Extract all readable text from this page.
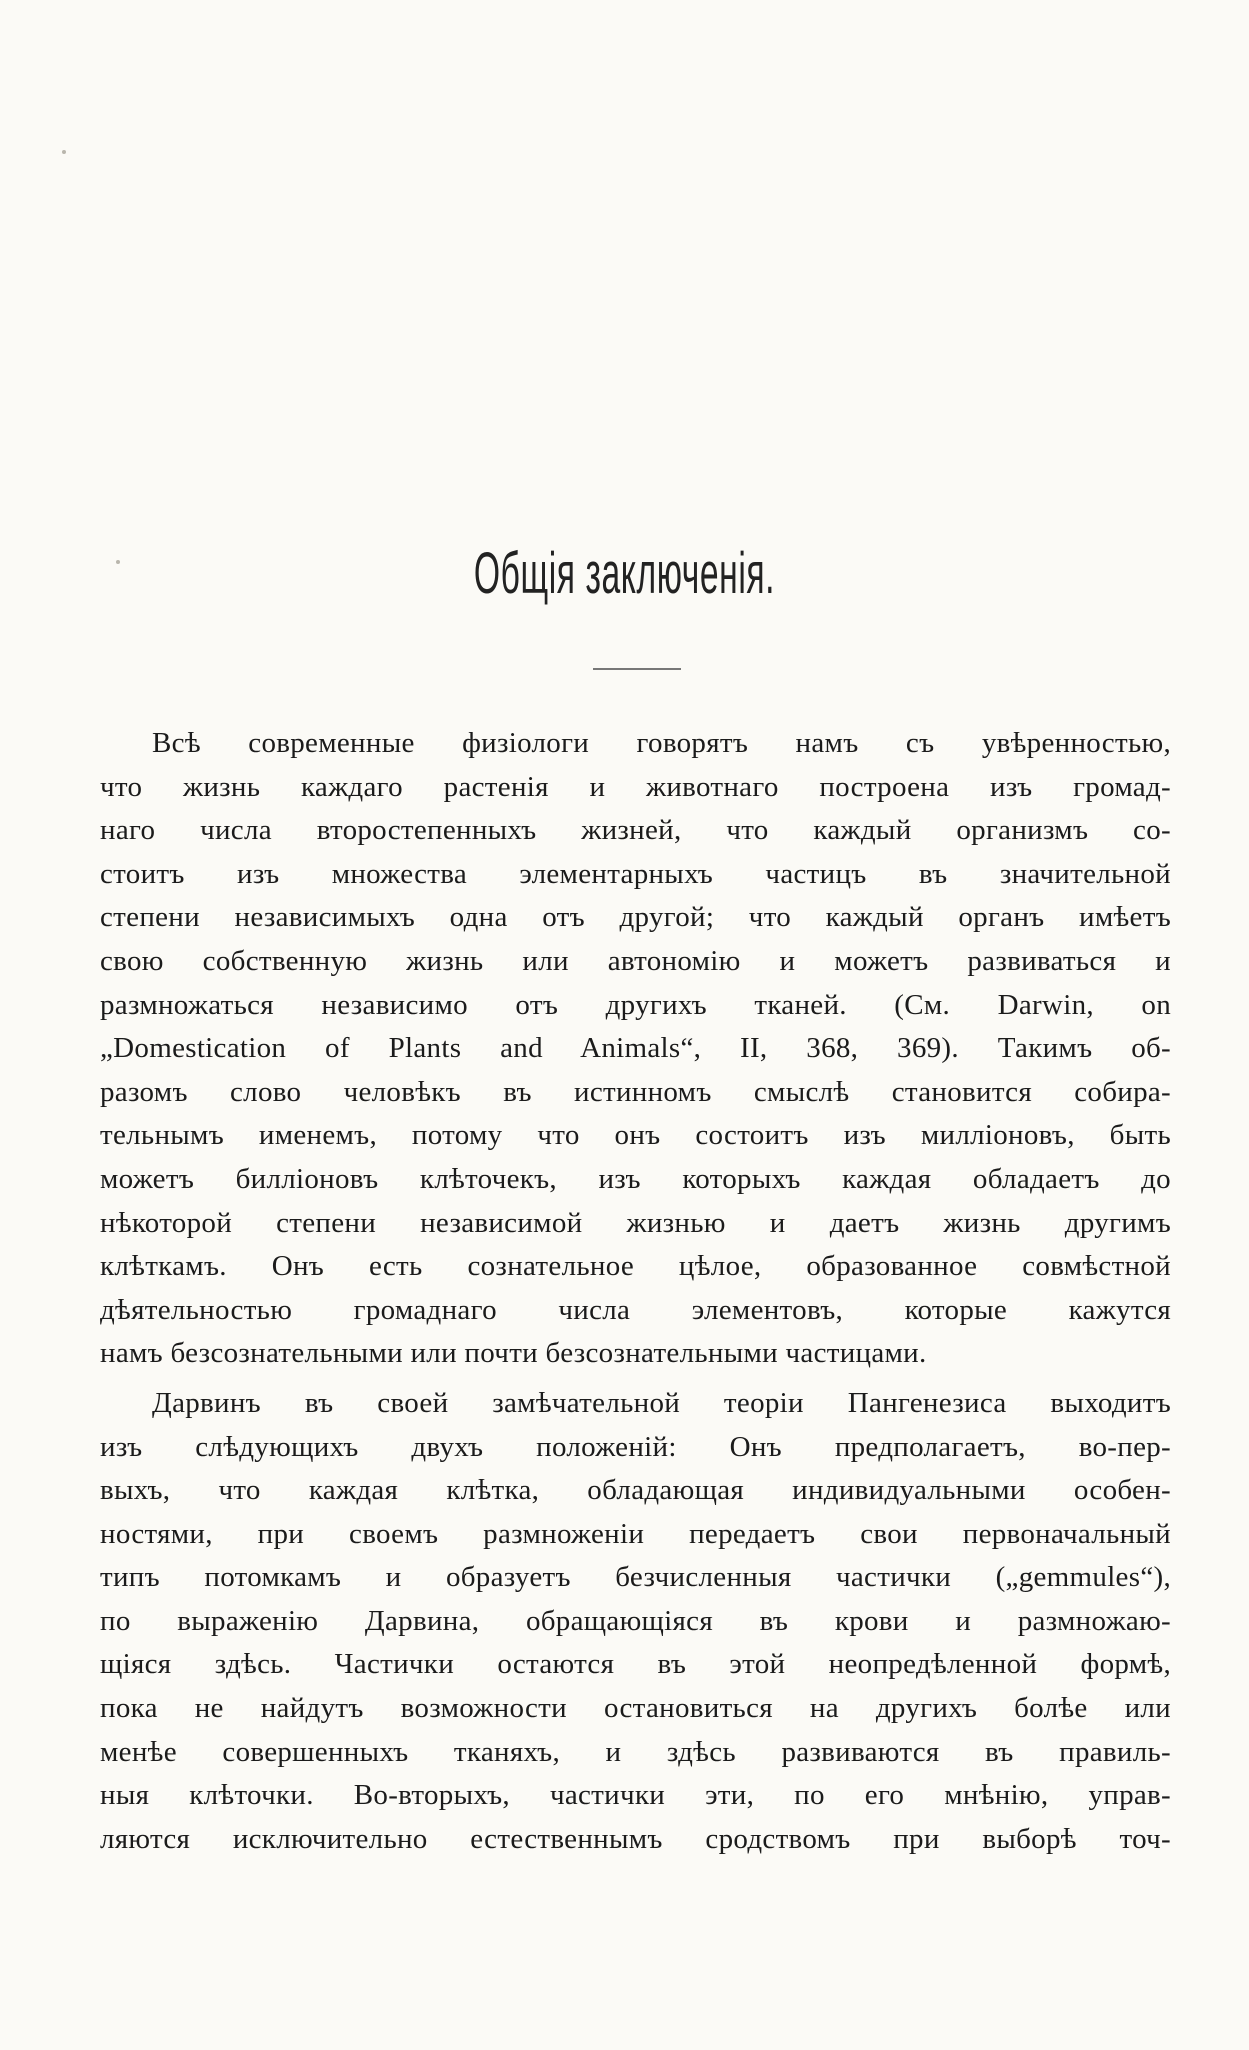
Общія заключенія.
Всѣ современные физiологи говорятъ намъ съ увѣренностью,
что жизнь каждаго растенія и животнаго построена изъ громад-
наго числа второстепенныхъ жизней, что каждый организмъ со-
стоитъ изъ множества элементарныхъ частицъ въ значительной
степени независимыхъ одна отъ другой; что каждый органъ имѣетъ
свою собственную жизнь или автономію и можетъ развиваться и
размножаться независимо отъ другихъ тканей. (См. Darwin, on
„Domestication of Plants and Animals“, II, 368, 369). Такимъ об-
разомъ слово человѣкъ въ истинномъ смыслѣ становится собира-
тельнымъ именемъ, потому что онъ состоитъ изъ милліоновъ, быть
можетъ билліоновъ клѣточекъ, изъ которыхъ каждая обладаетъ до
нѣкоторой степени независимой жизнью и даетъ жизнь другимъ
клѣткамъ. Онъ есть сознательное цѣлое, образованное совмѣстной
дѣятельностью громаднаго числа элементовъ, которые кажутся
намъ безсознательными или почти безсознательными частицами.
Дарвинъ въ своей замѣчательной теоріи Пангенезиса выходитъ
изъ слѣдующихъ двухъ положеній: Онъ предполагаетъ, во-пер-
выхъ, что каждая клѣтка, обладающая индивидуальными особен-
ностями, при своемъ размноженіи передаетъ свои первоначальный
типъ потомкамъ и образуетъ безчисленныя частички („gemmules“),
по выраженію Дарвина, обращающіяся въ крови и размножаю-
щіяся здѣсь. Частички остаются въ этой неопредѣленной формѣ,
пока не найдутъ возможности остановиться на другихъ болѣе или
менѣе совершенныхъ тканяхъ, и здѣсь развиваются въ правиль-
ныя клѣточки. Во-вторыхъ, частички эти, по его мнѣнію, управ-
ляются исключительно естественнымъ сродствомъ при выборѣ точ-
